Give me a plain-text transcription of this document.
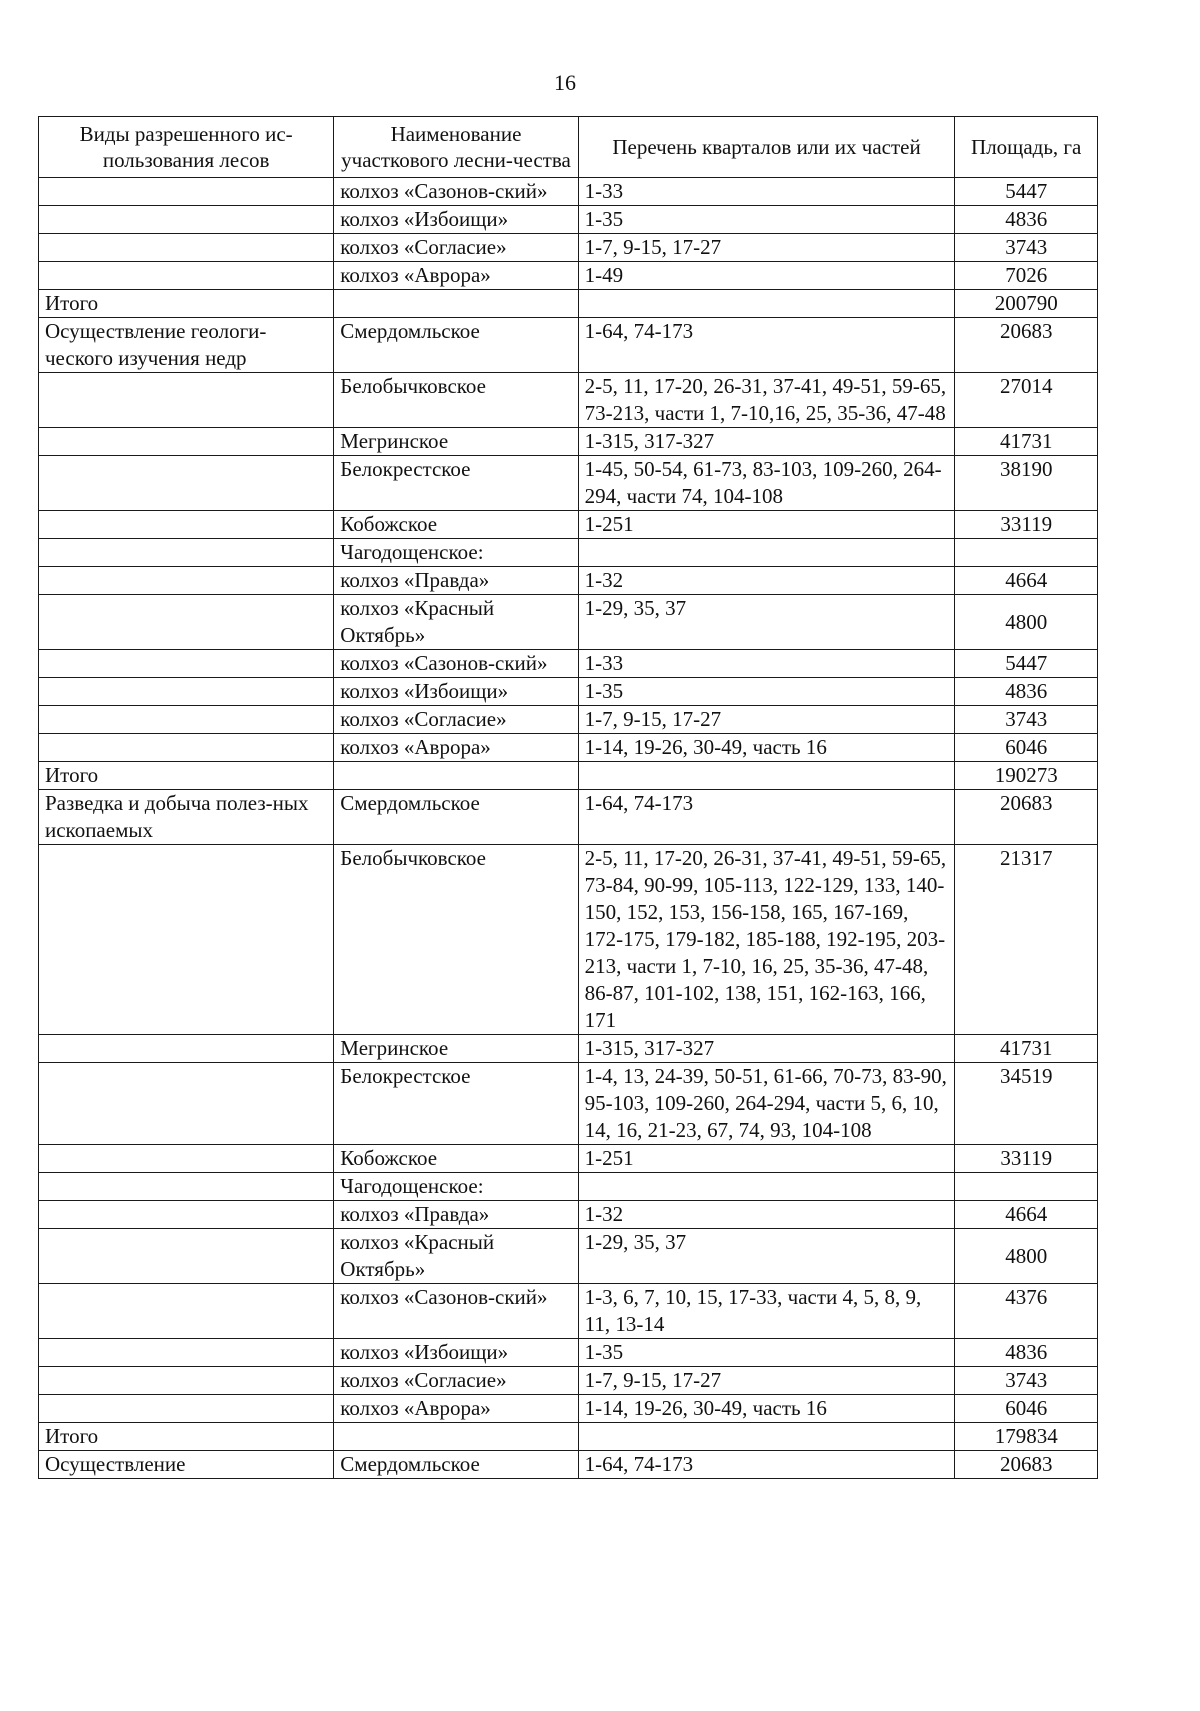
16
Виды разрешенного ис-пользования лесов	Наименование участкового лесни-чества	Перечень кварталов или их частей	Площадь, га
	колхоз «Сазонов-ский»	1-33	5447
	колхоз «Избоищи»	1-35	4836
	колхоз «Согласие»	1-7, 9-15, 17-27	3743
	колхоз «Аврора»	1-49	7026
Итого			200790
Осуществление геологи-ческого изучения недр	Смердомльское	1-64, 74-173	20683
	Белобычковское	2-5, 11, 17-20, 26-31, 37-41, 49-51, 59-65, 73-213, части 1, 7-10,16, 25, 35-36, 47-48	27014
	Мегринское	1-315, 317-327	41731
	Белокрестское	1-45, 50-54, 61-73, 83-103, 109-260, 264-294, части 74, 104-108	38190
	Кобожское	1-251	33119
	Чагодощенское:		
	колхоз «Правда»	1-32	4664
	колхоз «Красный Октябрь»	1-29, 35, 37	4800
	колхоз «Сазонов-ский»	1-33	5447
	колхоз «Избоищи»	1-35	4836
	колхоз «Согласие»	1-7, 9-15, 17-27	3743
	колхоз «Аврора»	1-14, 19-26, 30-49, часть 16	6046
Итого			190273
Разведка и добыча полез-ных ископаемых	Смердомльское	1-64, 74-173	20683
	Белобычковское	2-5, 11, 17-20, 26-31, 37-41, 49-51, 59-65, 73-84, 90-99, 105-113, 122-129, 133, 140-150, 152, 153, 156-158, 165, 167-169, 172-175, 179-182, 185-188, 192-195, 203-213, части 1, 7-10, 16, 25, 35-36, 47-48, 86-87, 101-102, 138, 151, 162-163, 166, 171	21317
	Мегринское	1-315, 317-327	41731
	Белокрестское	1-4, 13, 24-39, 50-51, 61-66, 70-73, 83-90, 95-103, 109-260, 264-294, части 5, 6, 10, 14, 16, 21-23, 67, 74, 93, 104-108	34519
	Кобожское	1-251	33119
	Чагодощенское:		
	колхоз «Правда»	1-32	4664
	колхоз «Красный Октябрь»	1-29, 35, 37	4800
	колхоз «Сазонов-ский»	1-3, 6, 7, 10, 15, 17-33, части 4, 5, 8, 9, 11, 13-14	4376
	колхоз «Избоищи»	1-35	4836
	колхоз «Согласие»	1-7, 9-15, 17-27	3743
	колхоз «Аврора»	1-14, 19-26, 30-49, часть 16	6046
Итого			179834
Осуществление	Смердомльское	1-64, 74-173	20683
